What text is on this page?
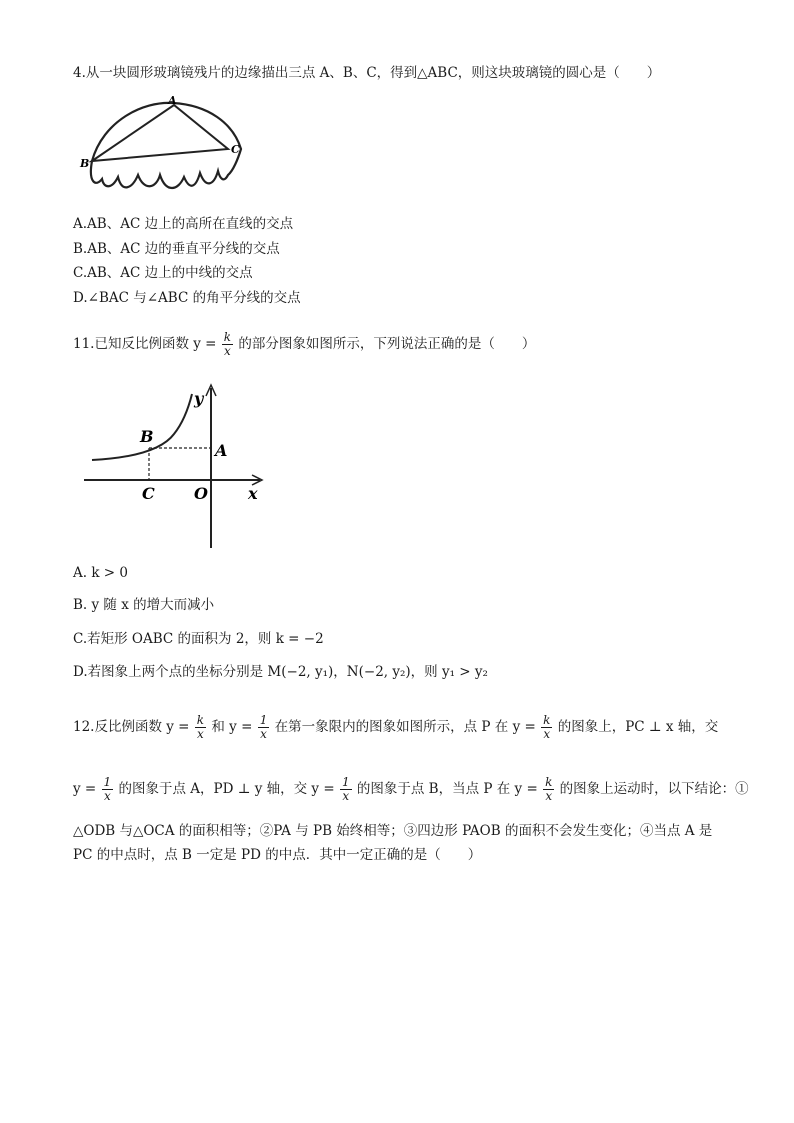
4.从一块圆形玻璃镜残片的边缘描出三点 A、B、C，得到△ABC，则这块玻璃镜的圆心是（　　）
A
B
C
A.AB、AC 边上的高所在直线的交点
B.AB、AC 边的垂直平分线的交点
C.AB、AC 边上的中线的交点
D.∠BAC 与∠ABC 的角平分线的交点
11.已知反比例函数 $y = \frac{k}{x}$ 的部分图象如图所示，下列说法正确的是（　　）
y
B
A
C O	x
A. k > 0
B. y 随 x 的增大而减小
C.若矩形 OABC 的面积为 2，则 k = −2
D.若图象上两个点的坐标分别是 M(−2, y₁)，N(−2, y₂)，则 y₁ > y₂
12.反比例函数 $y = \frac{k}{x}$ 和 $y = \frac{1}{x}$ 在第一象限内的图象如图所示，点 P 在 $y = \frac{k}{x}$ 的图象上，PC ⊥ x 轴，交
$y = \frac{1}{x}$ 的图象于点 A，PD ⊥ y 轴，交 $y = \frac{1}{x}$ 的图象于点 B，当点 P 在 $y = \frac{k}{x}$ 的图象上运动时，以下结论：①
△ODB 与△OCA 的面积相等；②PA 与 PB 始终相等；③四边形 PAOB 的面积不会发生变化；④当点 A 是
PC 的中点时，点 B 一定是 PD 的中点．其中一定正确的是（　　）
